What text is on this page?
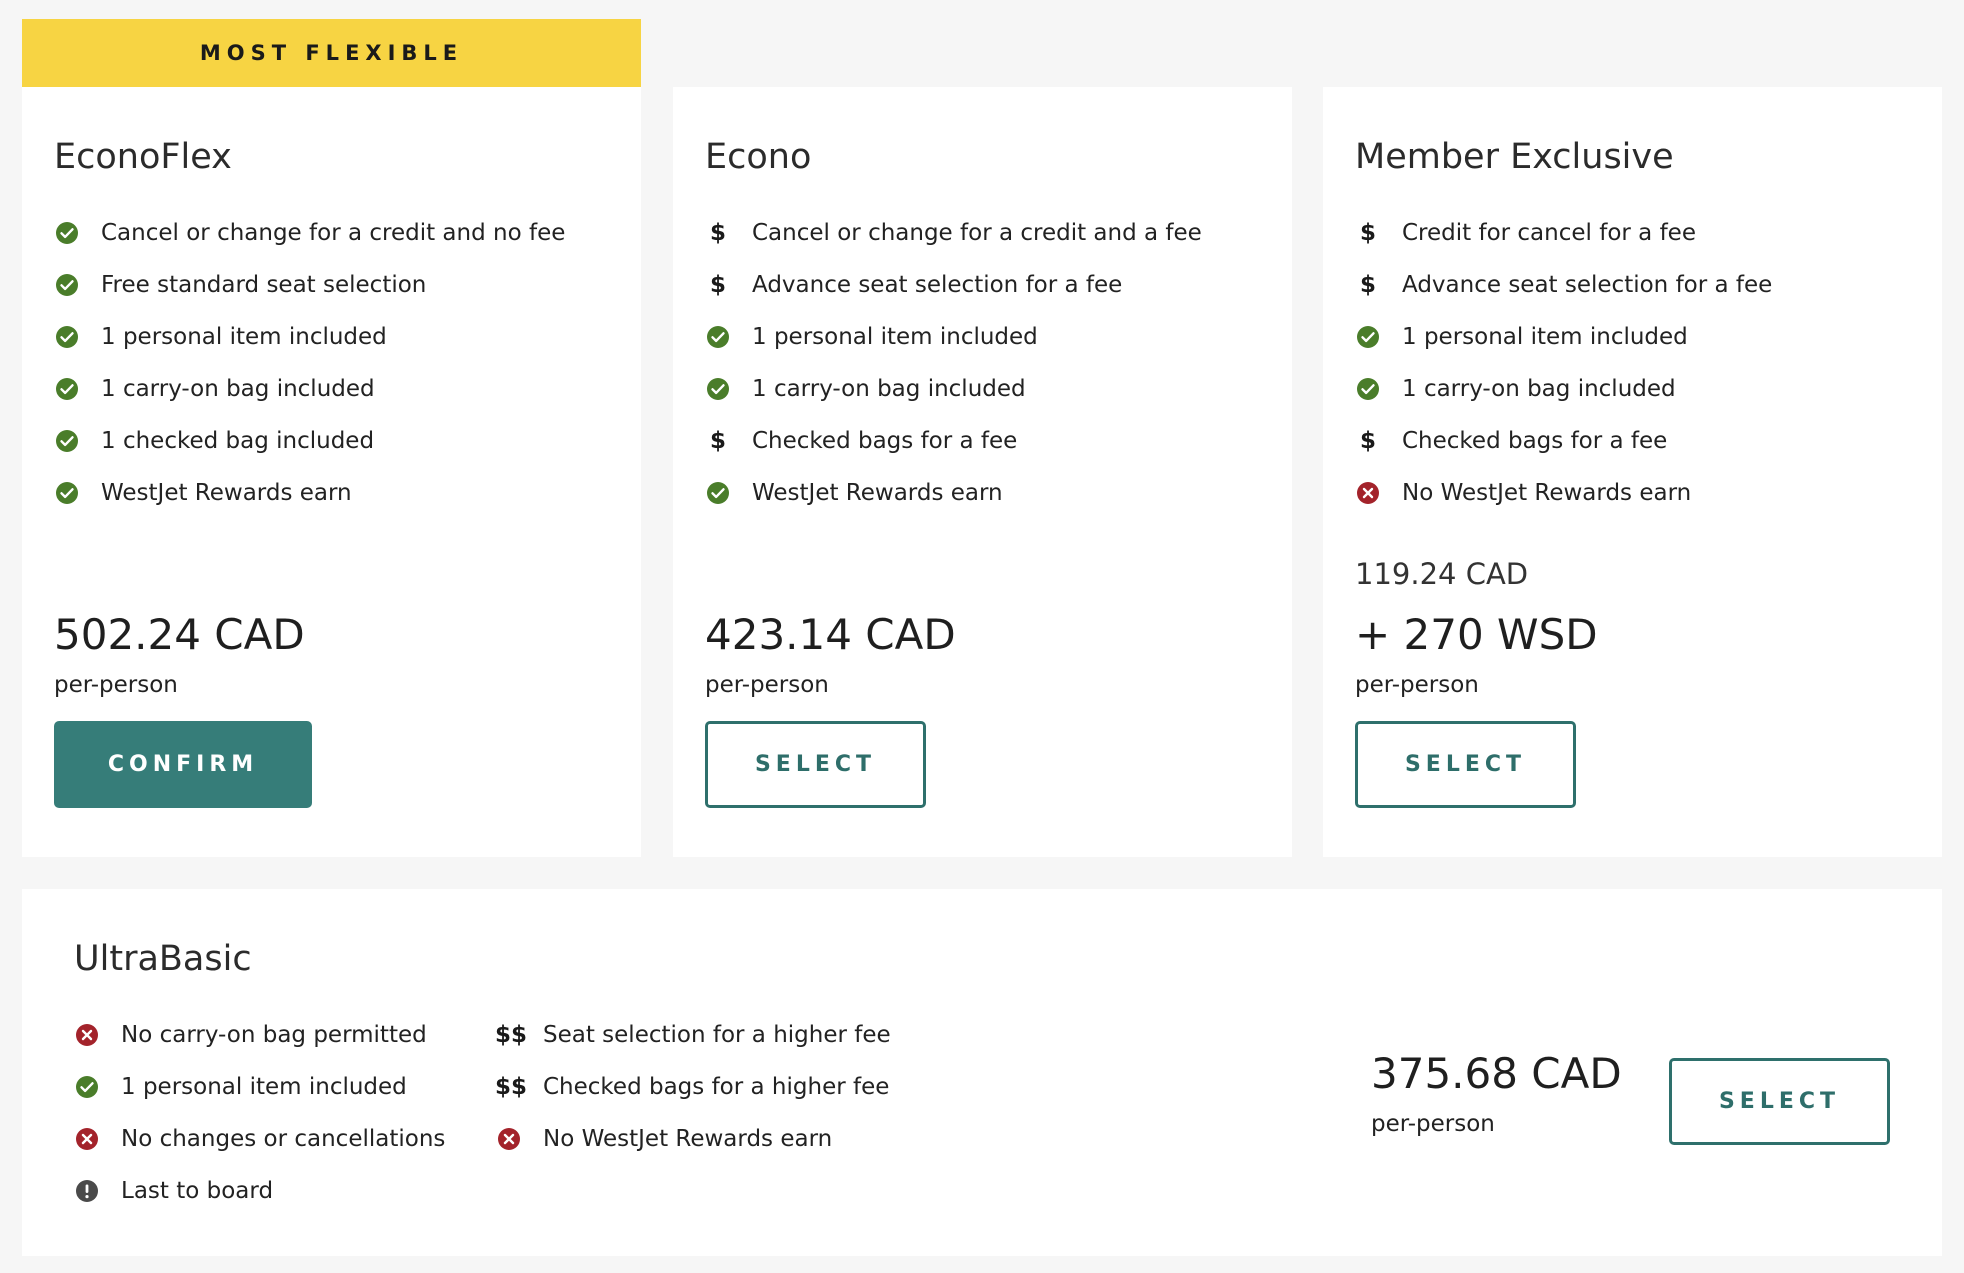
MOST FLEXIBLE
EconoFlex
Cancel or change for a credit and no fee
Free standard seat selection
1 personal item included
1 carry-on bag included
1 checked bag included
WestJet Rewards earn
502.24 CAD
per-person
CONFIRM
Econo
$ Cancel or change for a credit and a fee
$ Advance seat selection for a fee
1 personal item included
1 carry-on bag included
$ Checked bags for a fee
WestJet Rewards earn
423.14 CAD
per-person
SELECT
Member Exclusive
$ Credit for cancel for a fee
$ Advance seat selection for a fee
1 personal item included
1 carry-on bag included
$ Checked bags for a fee
No WestJet Rewards earn
119.24 CAD
+ 270 WSD
per-person
SELECT
UltraBasic
No carry-on bag permitted
1 personal item included
No changes or cancellations
Last to board
$$ Seat selection for a higher fee
$$ Checked bags for a higher fee
No WestJet Rewards earn
375.68 CAD
per-person
SELECT
